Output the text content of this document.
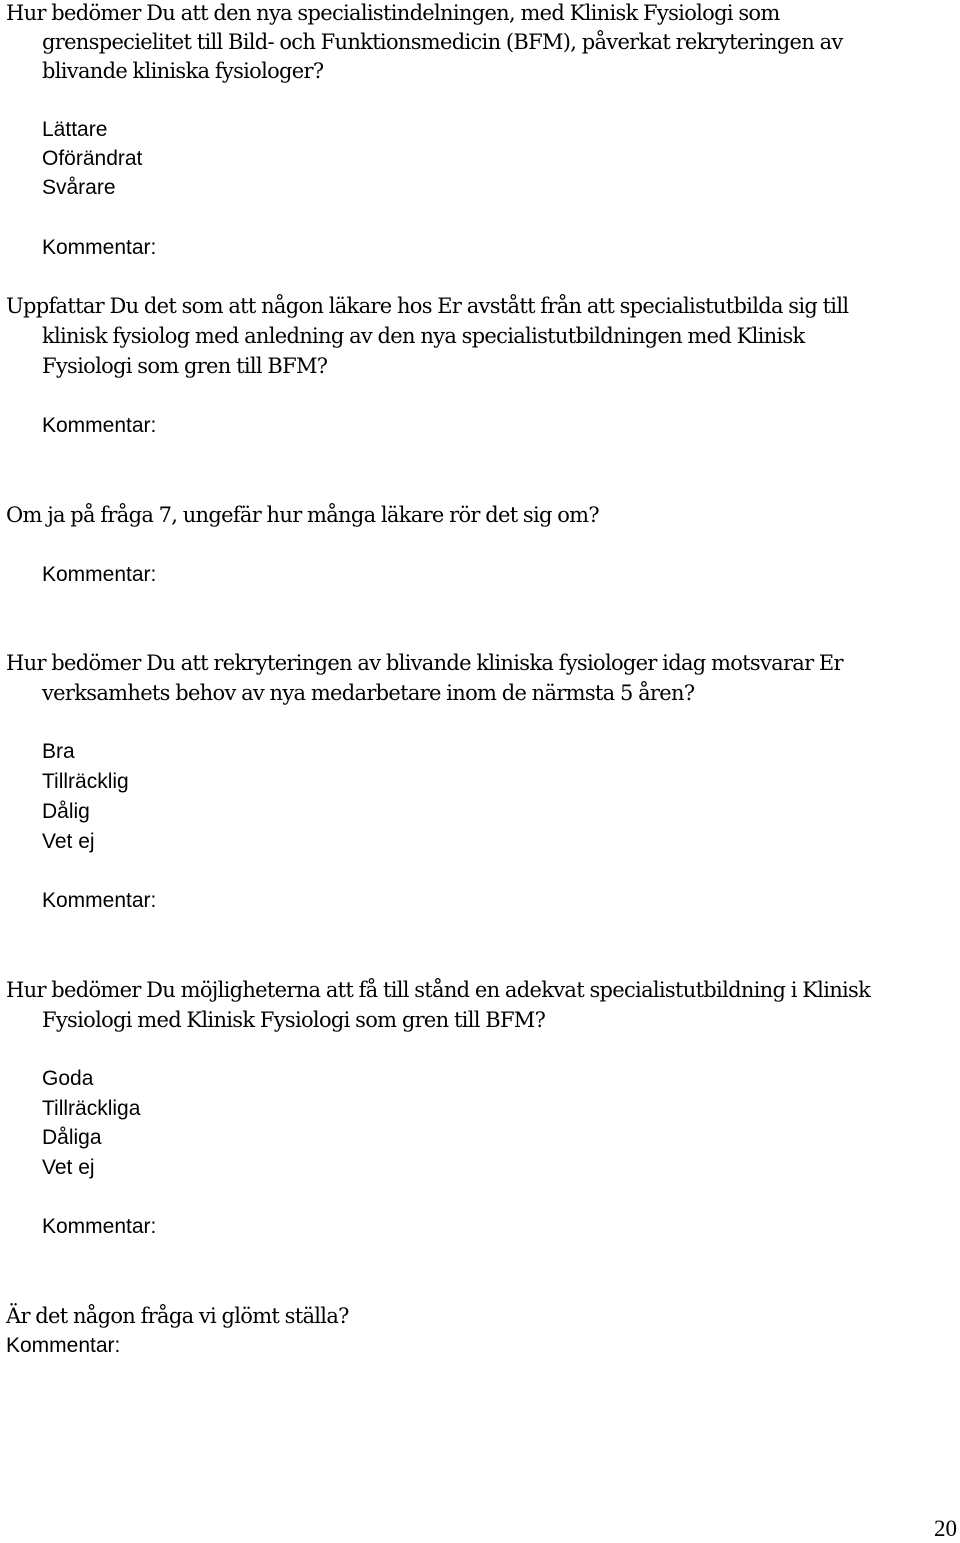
Hur bedömer Du att den nya specialistindelningen, med Klinisk Fysiologi som
grenspecielitet till Bild- och Funktionsmedicin (BFM), påverkat rekryteringen av
blivande kliniska fysiologer?
Lättare
Oförändrat
Svårare
Kommentar:
Uppfattar Du det som att någon läkare hos Er avstått från att specialistutbilda sig till
klinisk fysiolog med anledning av den nya specialistutbildningen med Klinisk
Fysiologi som gren till BFM?
Kommentar:
Om ja på fråga 7, ungefär hur många läkare rör det sig om?
Kommentar:
Hur bedömer Du att rekryteringen av blivande kliniska fysiologer idag motsvarar Er
verksamhets behov av nya medarbetare inom de närmsta 5 åren?
Bra
Tillräcklig
Dålig
Vet ej
Kommentar:
Hur bedömer Du möjligheterna att få till stånd en adekvat specialistutbildning i Klinisk
Fysiologi med Klinisk Fysiologi som gren till BFM?
Goda
Tillräckliga
Dåliga
Vet ej
Kommentar:
Är det någon fråga vi glömt ställa?
Kommentar:
20
